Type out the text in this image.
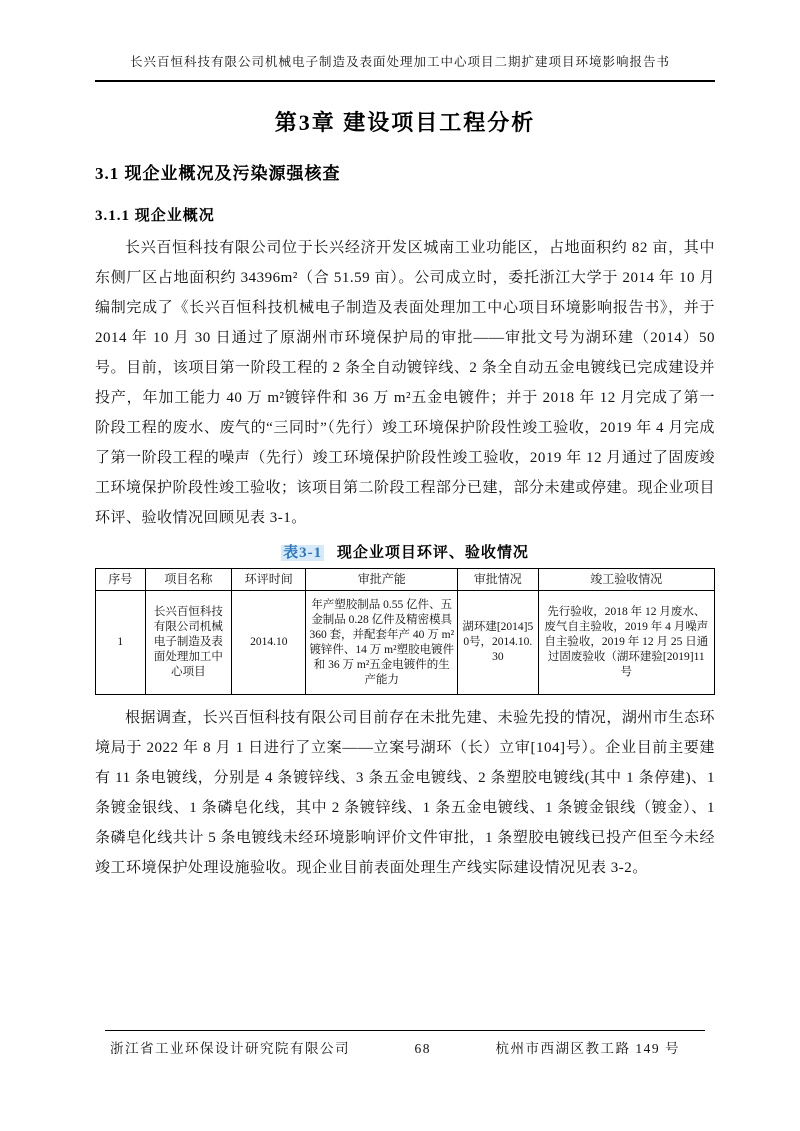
长兴百恒科技有限公司机械电子制造及表面处理加工中心项目二期扩建项目环境影响报告书
第3章 建设项目工程分析
3.1 现企业概况及污染源强核查
3.1.1 现企业概况

长兴百恒科技有限公司位于长兴经济开发区城南工业功能区，占地面积约 82 亩，其中东侧厂区占地面积约 34396m²（合 51.59 亩）。公司成立时，委托浙江大学于 2014 年 10 月编制完成了《长兴百恒科技机械电子制造及表面处理加工中心项目环境影响报告书》，并于 2014 年 10 月 30 日通过了原湖州市环境保护局的审批——审批文号为湖环建（2014）50 号。目前，该项目第一阶段工程的 2 条全自动镀锌线、2 条全自动五金电镀线已完成建设并投产，年加工能力 40 万 m²镀锌件和 36 万 m²五金电镀件；并于 2018 年 12 月完成了第一阶段工程的废水、废气的“三同时”（先行）竣工环境保护阶段性竣工验收，2019 年 4 月完成了第一阶段工程的噪声（先行）竣工环境保护阶段性竣工验收，2019 年 12 月通过了固废竣工环境保护阶段性竣工验收；该项目第二阶段工程部分已建，部分未建或停建。现企业项目环评、验收情况回顾见表 3-1。

表3-1 现企业项目环评、验收情况
序号	项目名称	环评时间	审批产能	审批情况	竣工验收情况
1	长兴百恒科技有限公司机械电子制造及表面处理加工中心项目	2014.10	年产塑胶制品 0.55 亿件、五金制品 0.28 亿件及精密模具 360 套，并配套年产 40 万 m²镀锌件、14 万 m²塑胶电镀件和 36 万 m²五金电镀件的生产能力	湖环建[2014]50号，2014.10.30	先行验收，2018 年 12 月废水、废气自主验收，2019 年 4 月噪声自主验收，2019 年 12 月 25 日通过固废验收（湖环建验[2019]11 号

根据调查，长兴百恒科技有限公司目前存在未批先建、未验先投的情况，湖州市生态环境局于 2022 年 8 月 1 日进行了立案——立案号湖环（长）立审[104]号）。企业目前主要建有 11 条电镀线，分别是 4 条镀锌线、3 条五金电镀线、2 条塑胶电镀线(其中 1 条停建)、1 条镀金银线、1 条磷皂化线，其中 2 条镀锌线、1 条五金电镀线、1 条镀金银线（镀金）、1 条磷皂化线共计 5 条电镀线未经环境影响评价文件审批，1 条塑胶电镀线已投产但至今未经竣工环境保护处理设施验收。现企业目前表面处理生产线实际建设情况见表 3-2。

浙江省工业环保设计研究院有限公司	68	杭州市西湖区教工路 149 号
